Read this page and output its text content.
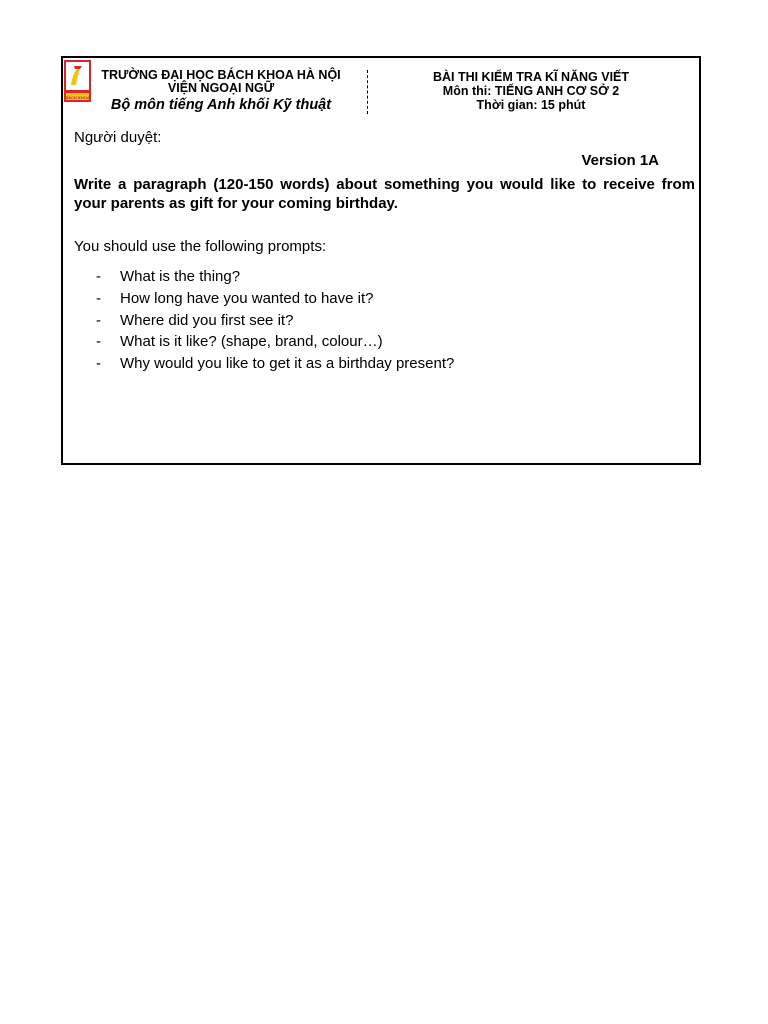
BÁCH KHOA
TRƯỜNG ĐẠI HỌC BÁCH KHOA HÀ NỘI
VIỆN NGOẠI NGỮ
Bộ môn tiếng Anh khối Kỹ thuật
BÀI THI KIỂM TRA KĨ NĂNG VIẾT
Môn thi: TIẾNG ANH CƠ SỞ 2
Thời gian: 15 phút
Người duyệt:
Version 1A
Write a paragraph (120-150 words) about something you would like to receive from your parents as gift for your coming birthday.
You should use the following prompts:
-	What is the thing?
-	How long have you wanted to have it?
-	Where did you first see it?
-	What is it like? (shape, brand, colour…)
-	Why would you like to get it as a birthday present?
